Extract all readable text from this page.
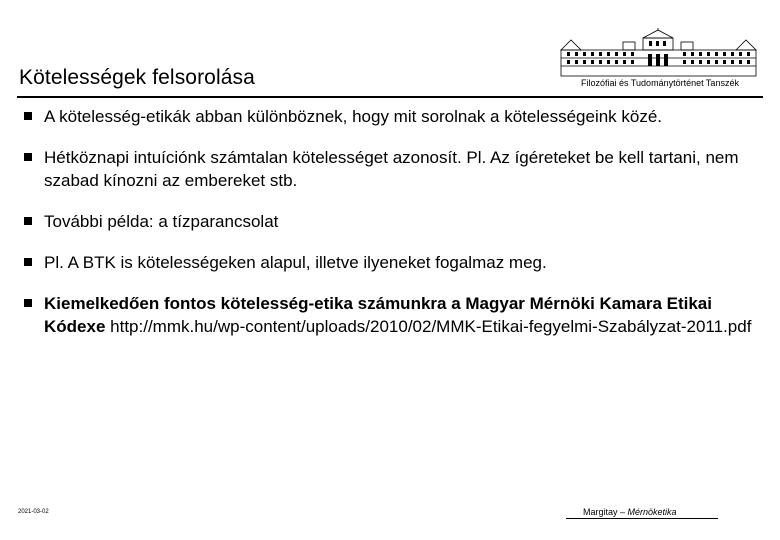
Kötelességek felsorolása	Filozófiai és Tudománytörténet Tanszék
A kötelesség-etikák abban különböznek, hogy mit sorolnak a kötelességeink közé.
Hétköznapi intuíciónk számtalan kötelességet azonosít. Pl. Az ígéreteket be kell tartani, nem szabad kínozni az embereket stb.
További példa: a tízparancsolat
Pl. A BTK is kötelességeken alapul, illetve ilyeneket fogalmaz meg.
Kiemelkedően fontos kötelesség-etika számunkra a Magyar Mérnöki Kamara Etikai Kódexe http://mmk.hu/wp-content/uploads/2010/02/MMK-Etikai-fegyelmi-Szabályzat-2011.pdf
2021-03-02	Margitay – Mérnöketika
